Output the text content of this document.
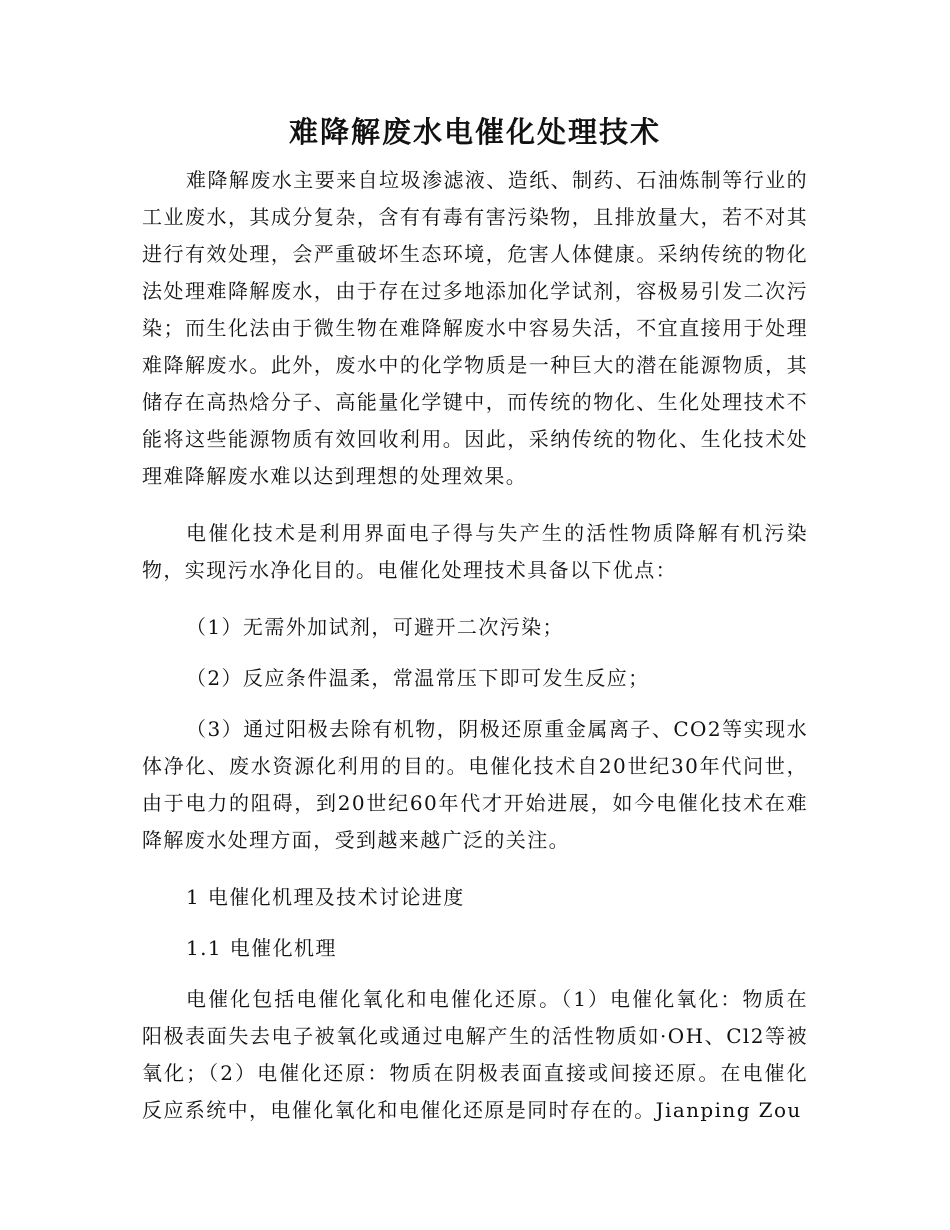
难降解废水电催化处理技术

难降解废水主要来自垃圾渗滤液、造纸、制药、石油炼制等行业的工业废水，其成分复杂，含有有毒有害污染物，且排放量大，若不对其进行有效处理，会严重破坏生态环境，危害人体健康。采纳传统的物化法处理难降解废水，由于存在过多地添加化学试剂，容极易引发二次污染；而生化法由于微生物在难降解废水中容易失活，不宜直接用于处理难降解废水。此外，废水中的化学物质是一种巨大的潜在能源物质，其储存在高热焓分子、高能量化学键中，而传统的物化、生化处理技术不能将这些能源物质有效回收利用。因此，采纳传统的物化、生化技术处理难降解废水难以达到理想的处理效果。

电催化技术是利用界面电子得与失产生的活性物质降解有机污染物，实现污水净化目的。电催化处理技术具备以下优点：

（1）无需外加试剂，可避开二次污染；

（2）反应条件温柔，常温常压下即可发生反应；

（3）通过阳极去除有机物，阴极还原重金属离子、CO2等实现水体净化、废水资源化利用的目的。电催化技术自20世纪30年代问世，由于电力的阻碍，到20世纪60年代才开始进展，如今电催化技术在难降解废水处理方面，受到越来越广泛的关注。

1 电催化机理及技术讨论进度

1.1 电催化机理

电催化包括电催化氧化和电催化还原。（1）电催化氧化：物质在阳极表面失去电子被氧化或通过电解产生的活性物质如·OH、Cl2等被氧化；（2）电催化还原：物质在阴极表面直接或间接还原。在电催化反应系统中，电催化氧化和电催化还原是同时存在的。Jianping Zou
